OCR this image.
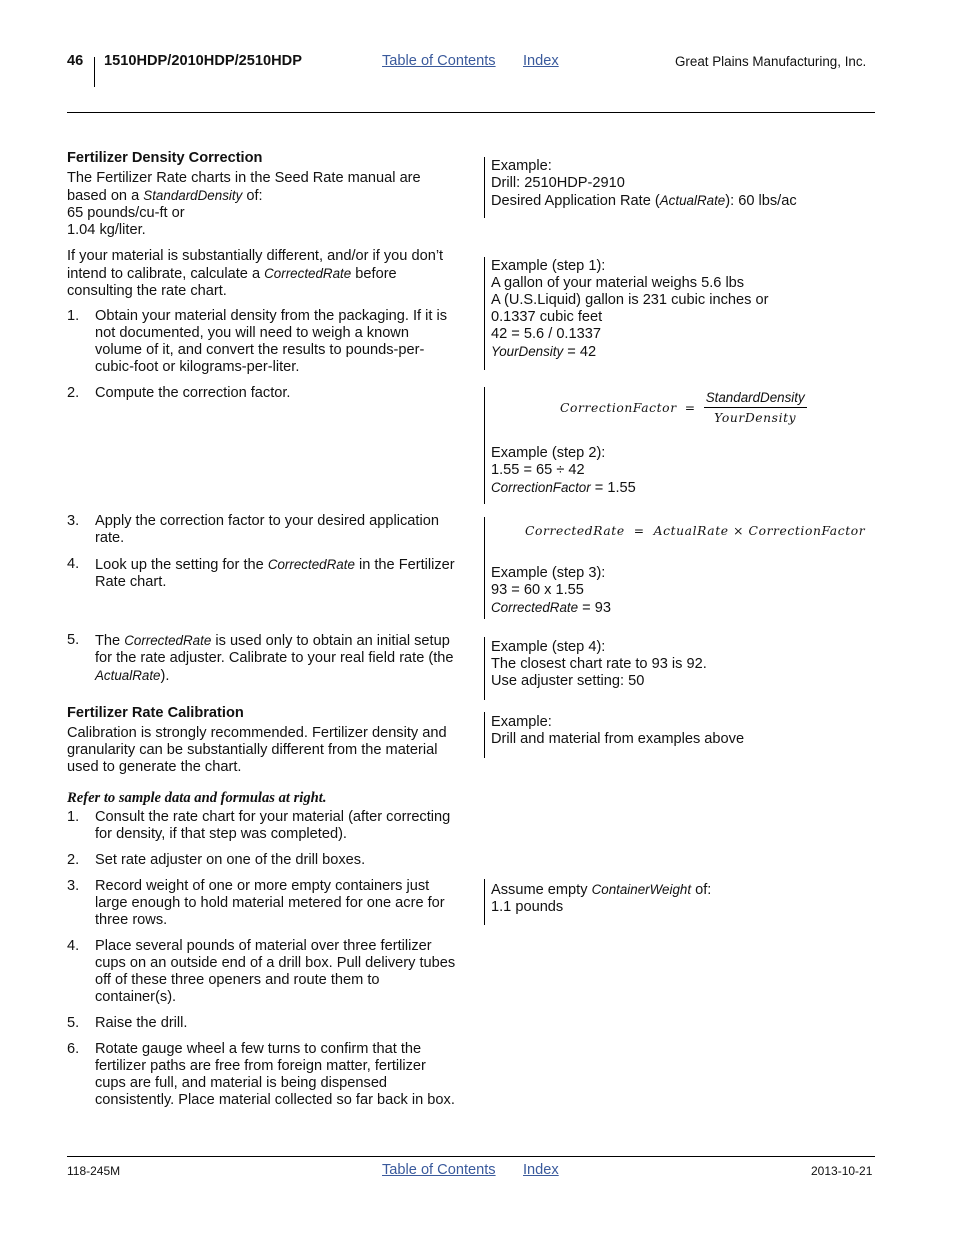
46 1510HDP/2010HDP/2510HDP	Table of Contents Index	Great Plains Manufacturing, Inc.
Fertilizer Density Correction
The Fertilizer Rate charts in the Seed Rate manual are based on a StandardDensity of:
65 pounds/cu-ft or
1.04 kg/liter.
If your material is substantially different, and/or if you don’t intend to calibrate, calculate a CorrectedRate before consulting the rate chart.
1. Obtain your material density from the packaging. If it is not documented, you will need to weigh a known volume of it, and convert the results to pounds-per-cubic-foot or kilograms-per-liter.
2. Compute the correction factor.
3. Apply the correction factor to your desired application rate.
4. Look up the setting for the CorrectedRate in the Fertilizer Rate chart.
5. The CorrectedRate is used only to obtain an initial setup for the rate adjuster. Calibrate to your real field rate (the ActualRate).
Fertilizer Rate Calibration
Calibration is strongly recommended. Fertilizer density and granularity can be substantially different from the material used to generate the chart.
Refer to sample data and formulas at right.
1. Consult the rate chart for your material (after correcting for density, if that step was completed).
2. Set rate adjuster on one of the drill boxes.
3. Record weight of one or more empty containers just large enough to hold material metered for one acre for three rows.
4. Place several pounds of material over three fertilizer cups on an outside end of a drill box. Pull delivery tubes off of these three openers and route them to container(s).
5. Raise the drill.
6. Rotate gauge wheel a few turns to confirm that the fertilizer paths are free from foreign matter, fertilizer cups are full, and material is being dispensed consistently. Place material collected so far back in box.
Example:
Drill: 2510HDP-2910
Desired Application Rate (ActualRate): 60 lbs/ac
Example (step 1):
A gallon of your material weighs 5.6 lbs
A (U.S.Liquid) gallon is 231 cubic inches or
0.1337 cubic feet
42 = 5.6 / 0.1337
YourDensity = 42
CorrectionFactor = $\frac{\text{StandardDensity}}{\text{YourDensity}}$
Example (step 2):
1.55 = 65 ÷ 42
CorrectionFactor = 1.55
CorrectedRate  =  ActualRate × CorrectionFactor
Example (step 3):
93 = 60 x 1.55
CorrectedRate = 93
Example (step 4):
The closest chart rate to 93 is 92.
Use adjuster setting: 50
Example:
Drill and material from examples above
Assume empty ContainerWeight of:
1.1 pounds
118-245M	Table of Contents Index	2013-10-21
